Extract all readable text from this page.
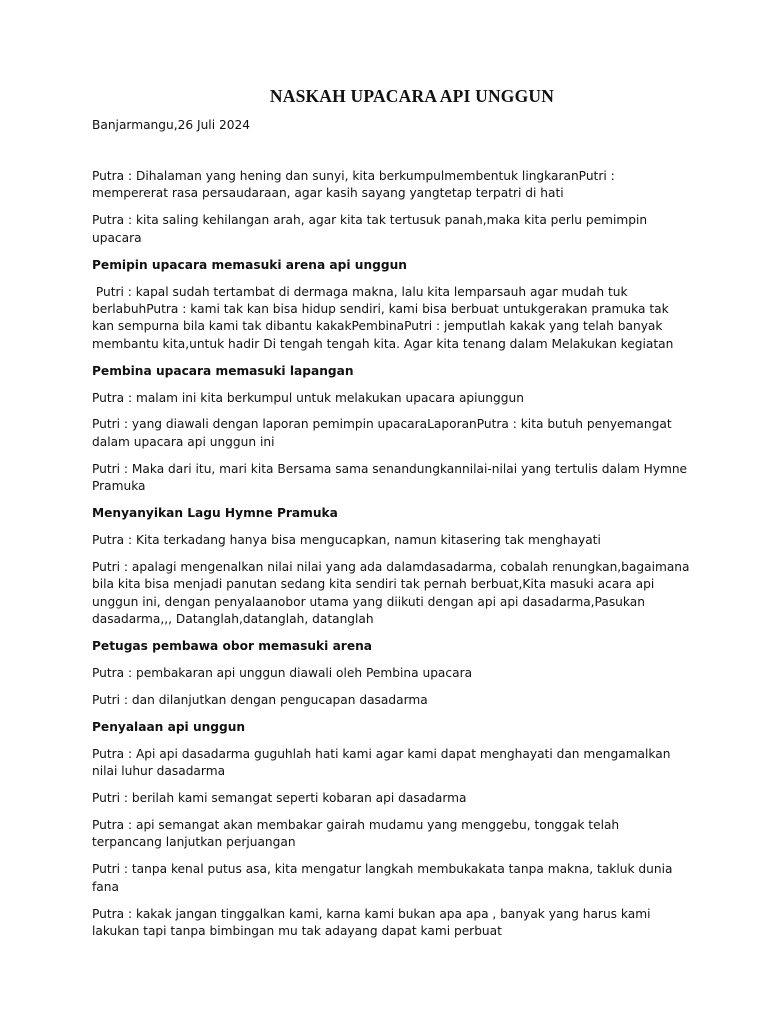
NASKAH UPACARA API UNGGUN
Banjarmangu,26 Juli 2024
Putra : Dihalaman yang hening dan sunyi, kita berkumpulmembentuk lingkaranPutri : mempererat rasa persaudaraan, agar kasih sayang yangtetap terpatri di hati
Putra : kita saling kehilangan arah, agar kita tak tertusuk panah,maka kita perlu pemimpin upacara
Pemipin upacara memasuki arena api unggun
Putri : kapal sudah tertambat di dermaga makna, lalu kita lemparsauh agar mudah tuk berlabuhPutra : kami tak kan bisa hidup sendiri, kami bisa berbuat untukgerakan pramuka tak kan sempurna bila kami tak dibantu kakakPembinaPutri : jemputlah kakak yang telah banyak membantu kita,untuk hadir Di tengah tengah kita. Agar kita tenang dalam Melakukan kegiatan
Pembina upacara memasuki lapangan
Putra : malam ini kita berkumpul untuk melakukan upacara apiunggun
Putri : yang diawali dengan laporan pemimpin upacaraLaporanPutra : kita butuh penyemangat dalam upacara api unggun ini
Putri : Maka dari itu, mari kita Bersama sama senandungkannilai-nilai yang tertulis dalam Hymne Pramuka
Menyanyikan Lagu Hymne Pramuka
Putra : Kita terkadang hanya bisa mengucapkan, namun kitasering tak menghayati
Putri : apalagi mengenalkan nilai nilai yang ada dalamdasadarma, cobalah renungkan,bagaimana bila kita bisa menjadi panutan sedang kita sendiri tak pernah berbuat,Kita masuki acara api unggun ini, dengan penyalaanobor utama yang diikuti dengan api api dasadarma,Pasukan dasadarma,,, Datanglah,datanglah, datanglah
Petugas pembawa obor memasuki arena
Putra : pembakaran api unggun diawali oleh Pembina upacara
Putri : dan dilanjutkan dengan pengucapan dasadarma
Penyalaan api unggun
Putra : Api api dasadarma guguhlah hati kami agar kami dapat menghayati dan mengamalkan nilai luhur dasadarma
Putri : berilah kami semangat seperti kobaran api dasadarma
Putra : api semangat akan membakar gairah mudamu yang menggebu, tonggak telah terpancang lanjutkan perjuangan
Putri : tanpa kenal putus asa, kita mengatur langkah membukakata tanpa makna, takluk dunia fana
Putra : kakak jangan tinggalkan kami, karna kami bukan apa apa , banyak yang harus kami lakukan tapi tanpa bimbingan mu tak adayang dapat kami perbuat
